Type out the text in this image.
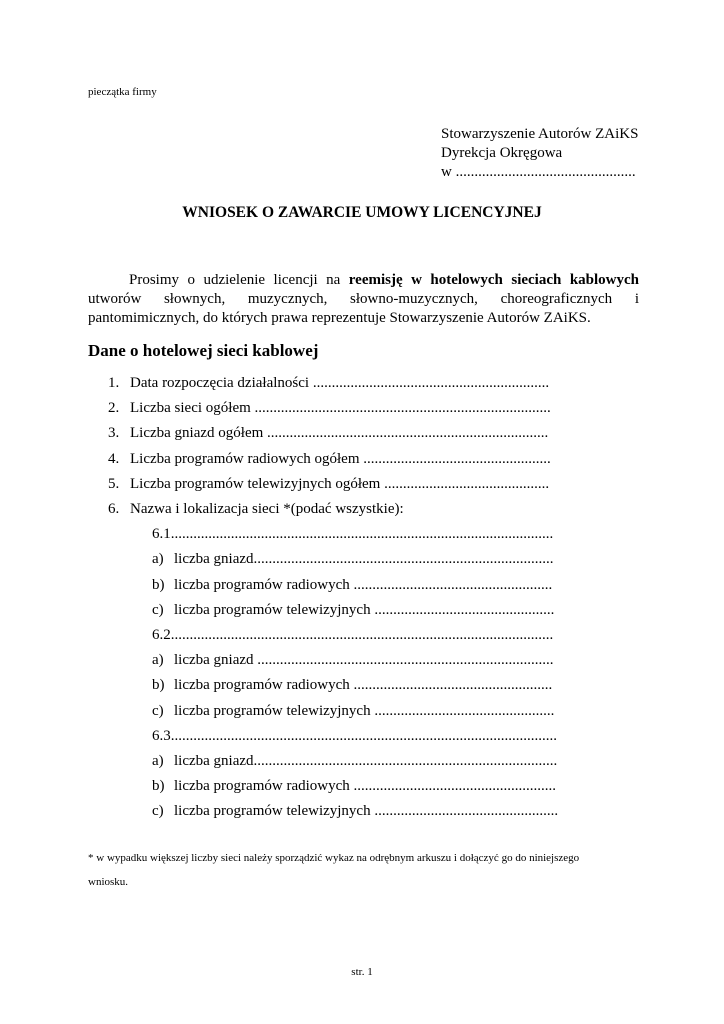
pieczątka firmy
Stowarzyszenie Autorów ZAiKS
Dyrekcja Okręgowa
w ................................................
WNIOSEK O ZAWARCIE UMOWY LICENCYJNEJ
Prosimy o udzielenie licencji na reemisję w hotelowych sieciach kablowych
utworów słownych, muzycznych, słowno-muzycznych, choreograficznych i
pantomimicznych, do których prawa reprezentuje Stowarzyszenie Autorów ZAiKS.
Dane o hotelowej sieci kablowej
1. Data rozpoczęcia działalności ...............................................................
2. Liczba sieci ogółem ...............................................................................
3. Liczba gniazd ogółem ...........................................................................
4. Liczba programów radiowych ogółem ..................................................
5. Liczba programów telewizyjnych ogółem ............................................
6. Nazwa i lokalizacja sieci *(podać wszystkie):
6.1......................................................................................................
a) liczba gniazd................................................................................
b) liczba programów radiowych .....................................................
c) liczba programów telewizyjnych ................................................
6.2......................................................................................................
a) liczba gniazd ...............................................................................
b) liczba programów radiowych .....................................................
c) liczba programów telewizyjnych ................................................
6.3.......................................................................................................
a) liczba gniazd.................................................................................
b) liczba programów radiowych ......................................................
c) liczba programów telewizyjnych .................................................
* w wypadku większej liczby sieci należy sporządzić wykaz na odrębnym arkuszu i dołączyć go do niniejszego
wniosku.
str. 1
